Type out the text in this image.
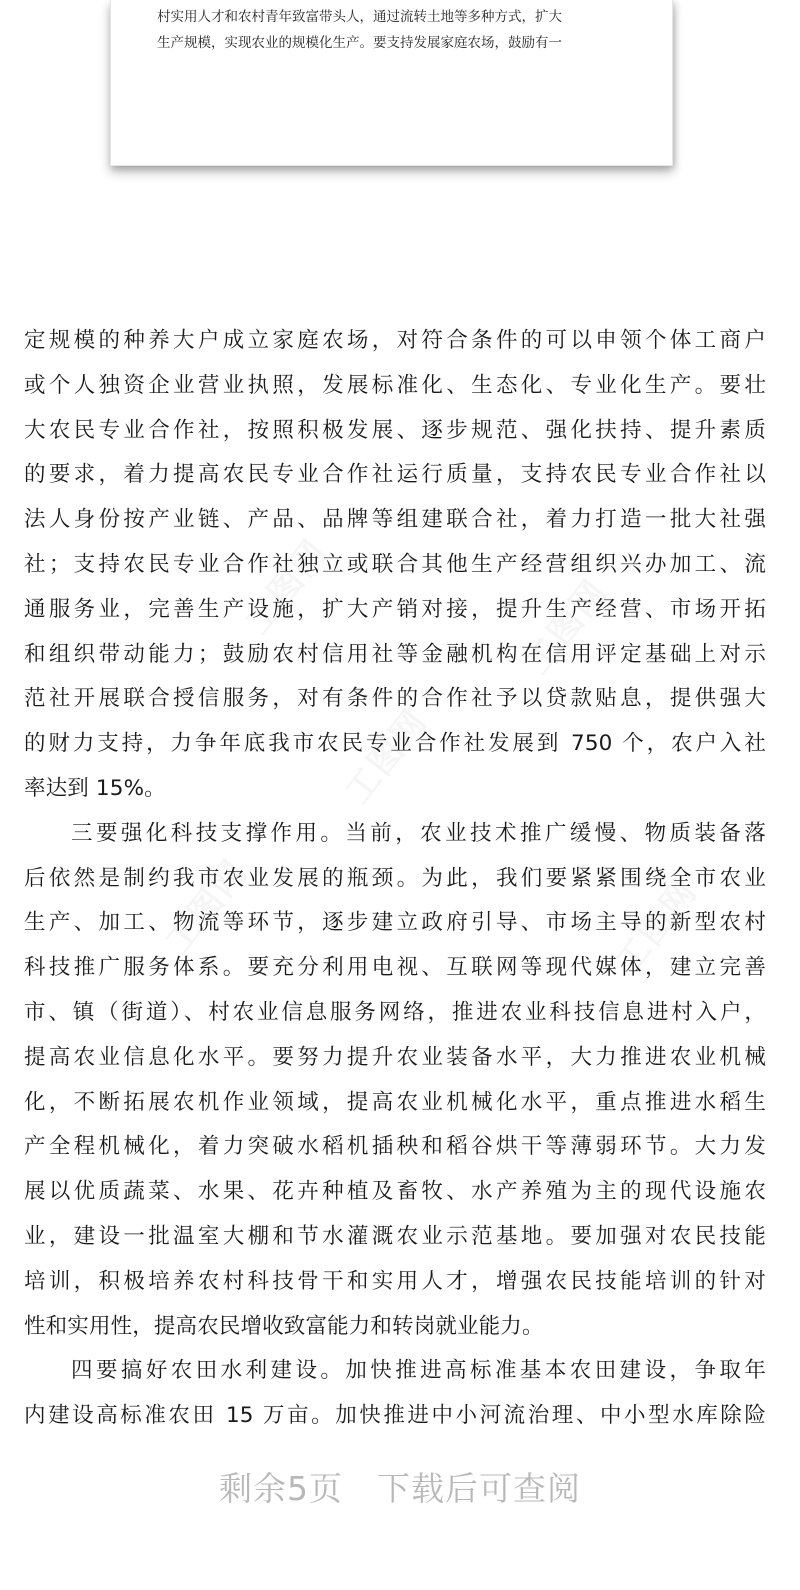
村实用人才和农村青年致富带头人，通过流转土地等多种方式，扩大
生产规模，实现农业的规模化生产。要支持发展家庭农场，鼓励有一

工图网
工图网
工图网
工图网	工图网
定规模的种养大户成立家庭农场，对符合条件的可以申领个体工商户
或个人独资企业营业执照，发展标准化、生态化、专业化生产。要壮
大农民专业合作社，按照积极发展、逐步规范、强化扶持、提升素质
的要求，着力提高农民专业合作社运行质量，支持农民专业合作社以
法人身份按产业链、产品、品牌等组建联合社，着力打造一批大社强
社；支持农民专业合作社独立或联合其他生产经营组织兴办加工、流
通服务业，完善生产设施，扩大产销对接，提升生产经营、市场开拓
和组织带动能力；鼓励农村信用社等金融机构在信用评定基础上对示
范社开展联合授信服务，对有条件的合作社予以贷款贴息，提供强大
的财力支持，力争年底我市农民专业合作社发展到 750 个，农户入社
率达到 15%。
三要强化科技支撑作用。当前，农业技术推广缓慢、物质装备落
后依然是制约我市农业发展的瓶颈。为此，我们要紧紧围绕全市农业
生产、加工、物流等环节，逐步建立政府引导、市场主导的新型农村
科技推广服务体系。要充分利用电视、互联网等现代媒体，建立完善
市、镇（街道）、村农业信息服务网络，推进农业科技信息进村入户，
提高农业信息化水平。要努力提升农业装备水平，大力推进农业机械
化，不断拓展农机作业领域，提高农业机械化水平，重点推进水稻生
产全程机械化，着力突破水稻机插秧和稻谷烘干等薄弱环节。大力发
展以优质蔬菜、水果、花卉种植及畜牧、水产养殖为主的现代设施农
业，建设一批温室大棚和节水灌溉农业示范基地。要加强对农民技能
培训，积极培养农村科技骨干和实用人才，增强农民技能培训的针对
性和实用性，提高农民增收致富能力和转岗就业能力。
四要搞好农田水利建设。加快推进高标准基本农田建设，争取年
内建设高标准农田 15 万亩。加快推进中小河流治理、中小型水库除险
剩余5页 下载后可查阅
